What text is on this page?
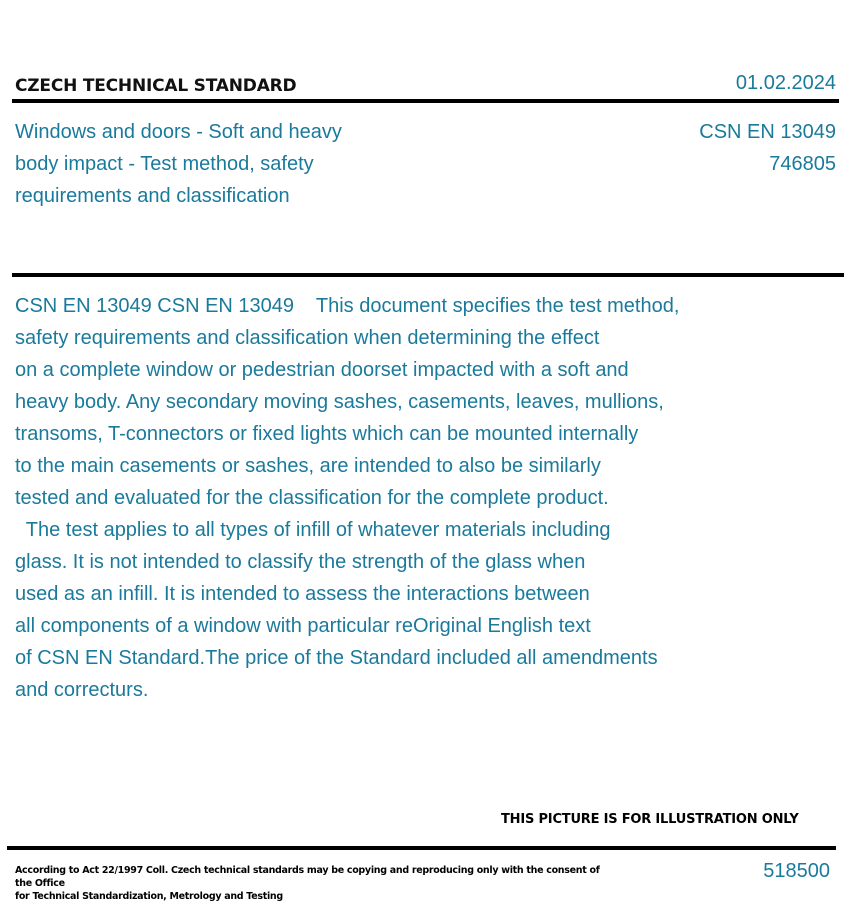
CZECH TECHNICAL STANDARD	01.02.2024
Windows and doors - Soft and heavy
body impact - Test method, safety
requirements and classification
CSN EN 13049
746805

CSN EN 13049 CSN EN 13049    This document specifies the test method,

safety requirements and classification when determining the effect

on a complete window or pedestrian doorset impacted with a soft and

heavy body. Any secondary moving sashes, casements, leaves, mullions,

transoms, T-connectors or fixed lights which can be mounted internally

to the main casements or sashes, are intended to also be similarly

tested and evaluated for the classification for the complete product.

The test applies to all types of infill of whatever materials including

glass. It is not intended to classify the strength of the glass when

used as an infill. It is intended to assess the interactions between

all components of a window with particular reOriginal English text

of CSN EN Standard.The price of the Standard included all amendments

and correcturs.

THIS PICTURE IS FOR ILLUSTRATION ONLY
According to Act 22/1997 Coll. Czech technical standards may be copying and reproducing only with the consent of the Office
for Technical Standardization, Metrology and Testing
518500
